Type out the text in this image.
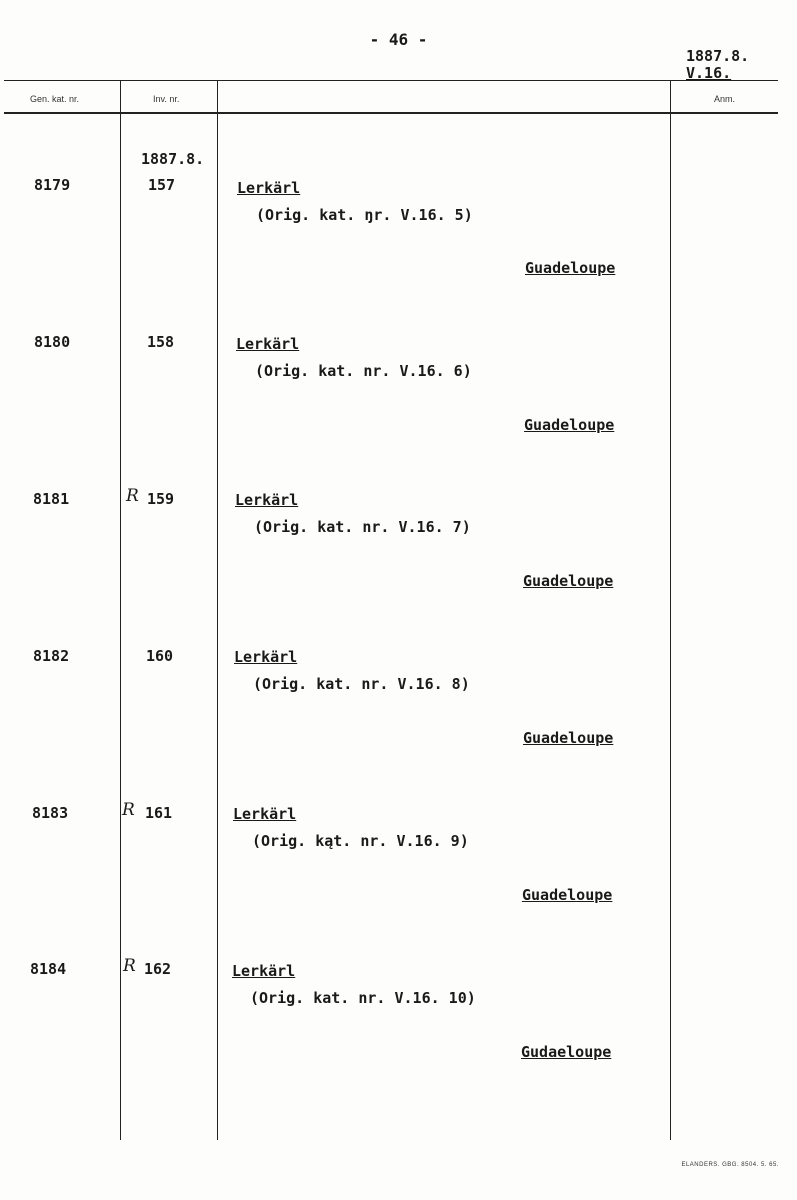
- 46 -
1887.8.
V.16.
Gen. kat. nr.	Inv. nr.	Anm.
1887.8.
8179	157	Lerkärl
(Orig. kat. ŋr. V.16. 5)
Guadeloupe
8180	158	Lerkärl
(Orig. kat. nr. V.16. 6)
Guadeloupe
8181	R 159	Lerkärl
(Orig. kat. nr. V.16. 7)
Guadeloupe
8182	160	Lerkärl
(Orig. kat. nr. V.16. 8)
Guadeloupe
8183	R 161	Lerkärl
(Orig. kąt. nr. V.16. 9)
Guadeloupe
8184	R 162	Lerkärl
(Orig. kat. nr. V.16. 10)
Gudaeloupe
ELANDERS. GBG. 8504. 5. 65.
